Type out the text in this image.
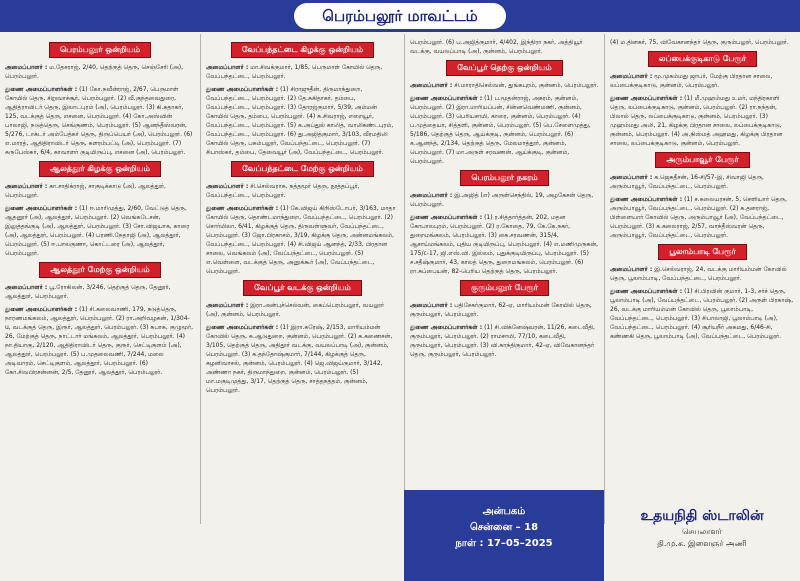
பெரம்பலூர் மாவட்டம்
பெரம்பலூர் ஒன்றியம்

அமைப்பாளர் : ம.தேசராஜ், 2/40, தெற்குத் தெரு, செஞ்சேரி (அ), பெரம்பலூர்.

துணை அமைப்பாளர்கள் : (1) கோ.நவீன்ராஜ், 2/67, பெருமாள் கோயில் தெரு, சிறுவாச்சூர், பெரம்பலூர். (2) வீ.குந்தவைதுரை, ஆதித்ராவிடர் தெரு, இலாடபுரம் (அ), பெரம்பலூர். (3) கி.சுதாகர், 125, வடக்குத் தெரு, எசனை, பெரம்பலூர். (4) கோ.அஸ்வின் பாலாஜி, நடுத்தெரு, செங்குணம், பெரம்பலூர். (5) ஆனந்தீஸ்வரன், 5/276, டாக்டர் அம்பேத்கர் தெரு, திருப்பெயர் (அ), பெரம்பலூர். (6) எ.மாரத், ஆதிதிராவிடர் தெரு, களரம்பட்டி (அ), பெரம்பலூர். (7) சுருபேஸ்கர், 6/4, காவாளர் குடியிருப்பு, எசனை (அ), பெரம்பலூர்.

ஆலத்தூர் கிழக்கு ஒன்றியம்

அமைப்பாளர் : கா.சாதிக்ராஜ், சாகுடிக்காடு (அ), ஆலத்தூர், பெரம்பலூர்.

துணை அமைப்பாளர்கள் : (1) ஈ.மாரிமுத்து, 2/60, வேட்டுத் தெரு, ஆதனூர் (அ), ஆலத்தூர், பெரம்பலூர். (2) வெங்கடேசன், இலுத்தங்குடி (அ), ஆலத்தூர், பெரம்பலூர். (3) சோ.விஜயாக, காரை (அ), ஆலத்தூர், பெரம்பலூர். (4) பரணி.நேதாஜி (அ), ஆலத்தூர், பெரம்பலூர். (5) ஈ.பாலகுணா, கொட்டரை (அ), ஆலத்தூர், பெரம்பலூர்.

ஆலத்தூர் மேற்கு ஒன்றியம்

அமைப்பாளர் : பூ.ரோகிலன், 3/246, தெற்குத் தெரு, தேனூர், ஆலத்தூர், பெரம்பலூர்.

துணை அமைப்பாளர்கள் : (1) சி.கலைவாணி, 179, நடுத்தெரு, நாரணமங்கலம், ஆலத்தூர், பெரம்பலூர். (2) ரா.அறிவழகன், 1/304-u, வடக்குத் தெரு, இரூர், ஆலத்தூர், பெரம்பலூர். (3) சுபாசு, குழுமூர், 26, மேற்குத் தெரு, நாட்டார் மங்கலம், ஆலத்தூர், பெரம்பலூர். (4) நா.தியாகு, 2/120, ஆதிதிராவிடர் தெரு, குரூர், செட்டிகுளம் (அ), ஆலத்தூர், பெரம்பலூர். (5) ப.முதலைவணி, 7/244, மலை அடிவாரம், செட்டிகுளம், ஆலத்தூர், பெரம்பலூர். (6) கோ.சிவபிரசன்னன், 2/5, தேனூர், ஆலத்தூர், பெரம்பலூர்.

வேப்பந்தட்டை கிழக்கு ஒன்றியம்

அமைப்பாளர் : மா.சிவக்குமார், 1/85, பெருமாள் கோயில் தெரு, வேப்பந்தட்டை, பெரம்பலூர்.

துணை அமைப்பாளர்கள் : (1) சிராஜுதீன், திருமாந்துறை, வேப்பந்தட்டை, பெரம்பலூர். (2) தே.சுகிதாகர், தம்பை, வேப்பந்தட்டை, பெரம்பலூர். (3) தோரஜ்குமார், 5/39, அம்மன் கோயில் தெரு, தம்பை, பெரம்பலூர். (4) சு.சிவராஜ், எறையூர், வேப்பந்தட்டை, பெரம்பலூர். (5) க.அப்துல் காலித், வாலிகண்டபுரம், வேப்பந்தட்டை, பெரம்பலூர். (6) து.அஜித்குமார், 3/103, வீரமதிலி கோயில் தெரு, பசும்பலூர், வேப்பந்தட்டை, பெரம்பலூர். (7) சிபாஸ்கர், தம்பை, தேவையூர் (அ), வேப்பந்தட்டை, பெரம்பலூர்.

வேப்பந்தட்டை மேற்கு ஒன்றியம்

அமைப்பாளர் : சி.செல்வராசு, நத்தமூர் தெரு, நூத்தப்பூர், வேப்பந்தட்டை, பெரம்பலூர்.

துணை அமைப்பாளர்கள் : (1) கே.விஜய் கிறிஸ்டோபர், 3/163, மாதா கோயில் தெரு, தொண்டமாந்துறை, வேப்பந்தட்டை, பெரம்பலூர். (2) சொர்மிலா, 6/41, கிழக்குத் தெரு, திருவள்ளுவர், வேப்பந்தட்டை, பெரம்பலூர். (3) ஜோ.பிரகாசம், 3/19, கிழக்கு தெரு, அன்னமங்கலம், வேப்பந்தட்டை, பெரம்பலூர். (4) சி.விஜய் ஆனந்த், 2/33, பிரதான சாலை, வெங்கலம் (அ), வேப்பந்தட்டை, பெரம்பலூர். (5) எ.வெள்ளை, வடக்குத் தெரு, அனுக்கூர் (அ), வேப்பந்தட்டை, பெரம்பலூர்.

வேப்பூர் வடக்கு ஒன்றியம்

அமைப்பாளர் : இரா.அன்புச்செல்வன், கைப்பெரம்பலூர், வயலூர் (அ), குன்னம், பெரம்பலூர்.

துணை அமைப்பாளர்கள் : (1) இரா.சுரேஷ், 2/153, மாரியம்மன் கோவில் தெரு, சு.ஆடுதுறை, குன்னம், பெரம்பலூர். (2) சு.கணைசன், 3/105, தெற்குத் தெரு, அதிதூர் வடக்கு, வயலப்பாடி (அ), குன்னம், பெரம்பலூர். (3) சு.தந்தோஷ்குமார், 7/144, கிழக்குத் தெரு, கழனிவாசல், குன்னம், பெரம்பலூர். (4) ஜெ.விஜய்குமார், 3/142, அண்ணா நகர், திருமாந்துறை, குன்னம், பெரம்பலூர். (5) மா.மகுடிமுத்து, 3/17, தெற்குத் தெரு, சாத்தநத்தம், குன்னம், பெரம்பலூர்.

பெரம்பலூர். (6) ப.அஜித்குமார், 4/402, இந்திரா நகர், அத்தியூர் வடக்கு, வயலப்பாடி (அ), குன்னம், பெரம்பலூர்.

வேப்பூர் தெற்கு ஒன்றியம்

அமைப்பாளர் : சி.மாராதிசெல்வன், துங்கபுரம், குன்னம், பெரம்பலூர்.

துணை அமைப்பாளர்கள் : (1) ப.மூதன்ராஜ், அகரம், குன்னம், பெரம்பலூர். (2) இரா.மாரியப்பன், சின்னவெண்மணி, குன்னம், பெரம்பலூர். (3) பெரியசாமி, காரை, குன்னம், பெரம்பலூர். (4) ப.முத்தையா, சித்தளி, குன்னம், பெரம்பலூர். (5) பெ.சேளைமுத்து, 5/186, தெற்குத் தெரு, ஆய்க்குடி, குன்னம், பெரம்பலூர். (6) க.ஆனந்த், 2/134, தெற்குத் தெரு, மேலமாத்தூர், குன்னம், பெரம்பலூர். (7) மா.அருள் சரவணன், ஆய்க்குடி, குன்னம், பெரம்பலூர்.

பெரம்பலூர் நகரம்

அமைப்பாளர் : இ.அஜித் (எ) அருள்செந்தில், 19, அழகேசன் தெரு, பெரம்பலூர்.

துணை அமைப்பாளர்கள் : (1) ர.சித்தார்த்தன், 202, மதன கோபாலபுரம், பெரம்பலூர். (2) ர.கோதை, 79, கே.கே.நகர், துறைமங்கலம், பெரம்பலூர். (3) கை.சரவணன், 315/4, ஆசாய்மங்கலம், புதிய குடியிருப்பு, பெரம்பலூர். (4) எ.மணிமுருகன், 175/c-17, ஜி.எஸ்.வி. இல்லம், புதுக்குடியிருப்பு, பெரம்பலூர். (5) ச.சதீஷ்குமார், 43, காலத் தெரு, துறைமங்கலம், பெரம்பலூர். (6) ரா.சுப்பையன், 82-பெரிய தெற்குத் தெரு, பெரம்பலூர்.

குரும்பலூர் பேரூர்

அமைப்பாளர் : பதிசேகர்குமார், 62-ஏ, மாரியம்மன் கோயில் தெரு, குரும்பலூர், பெரம்பலூர்.

துணை அமைப்பாளர்கள் : (1) சி.விக்னேஷ்வரன், 11/26, கடைவீதி, குரும்பலூர், பெரம்பலூர். (2) ராமசாமி, 77/10, கடைவீதி, குரும்பலூர், பெரம்பலூர். (3) வி.காந்திகுமார், 42-ஏ, விவேகானந்தர் தெரு, குரும்பலூர், பெரம்பலூர்.

(4) ம.தினகர், 75, விவேகானந்தர் தெரு, குரும்பலூர், பெரம்பலூர்.

லப்பைக்குடிகாடு பேரூர்

அமைப்பாளர் : மூ.முகம்மது ஜாபர், மேற்கு பிரதான சாலை, லப்பைக்குடிகாடு, குன்னம், பெரம்பலூர்.

துணை அமைப்பாளர்கள் : (1) மீ.முஹம்மது உமர், மந்திரகாளி தெரு, லப்பைக்குடிகாடு, குன்னம், பெரம்பலூர். (2) ரா.நந்தன், பிலால் தெரு, லப்பைக்குடிகாடு, குன்னம், பெரம்பலூர். (3) முஹம்மது அலி, 21, கிழக்கு பிரதான சாலை, லப்பைக்குடிகாடு, குன்னம், பெரம்பலூர். (4) அ.நிஸ்மத் அஹமது, கிழக்கு பிரதான சாலை, லப்பைக்குடிகாடு, குன்னம், பெரம்பலூர்.

அரும்பாவூர் பேரூர்

அமைப்பாளர் : க.ஜெகதீசன், 16-சி/57-இ, சிவாஜி தெரு, அரும்பாவூர், வேப்பந்தட்டை, பெரம்பலூர்.

துணை அமைப்பாளர்கள் : (1) ச.கலையரசன், 5, செளியார் தெரு, அரும்பாவூர், வேப்பந்தட்டை, பெரம்பலூர். (2) சு.தனராஜ், பிள்ளையார் கோவில் தெரு, அரும்பாவூர் (அ), வேப்பந்தட்டை, பெரம்பலூர். (3) க.கலைராஜ், 2/57, வாந்தீஸ்வரன் தெரு, அரும்பாவூர், வேப்பந்தட்டை, பெரம்பலூர்.

பூலாம்பாடி பேரூர்

அமைப்பாளர் : இ.செல்வராஜ், 24, வடக்கு மாரியம்மன் கோவில் தெரு, பூலாம்பாடி, வேப்பந்தட்டை, பெரம்பலூர்.

துணை அமைப்பாளர்கள் : (1) சி.பிரவின் குமார், 1-3, சர்ச் தெரு, பூலாம்பாடி (அ), வேப்பந்தட்டை, பெரம்பலூர். (2) அருள் பிரகாஷ், 26, வடக்கு மாரியம்மன் கோவில் தெரு, பூலாம்பாடி, வேப்பந்தட்டை, பெரம்பலூர். (3) சிபாலாஜி, பூலாம்பாடி (அ), வேப்பந்தட்டை, பெரம்பலூர். (4) சூரியநீர் அகமது, 6/46-சி, கண்ணகி தெரு, பூலாம்பாடி (அ), வேப்பந்தட்டை, பெரம்பலூர்.

அன்பகம்
சென்னை – 18
நாள் : 17–05–2025
உதயநிதி ஸ்டாலின்
செயலாளர்
தி.மு.க. இளைஞர் அணி
